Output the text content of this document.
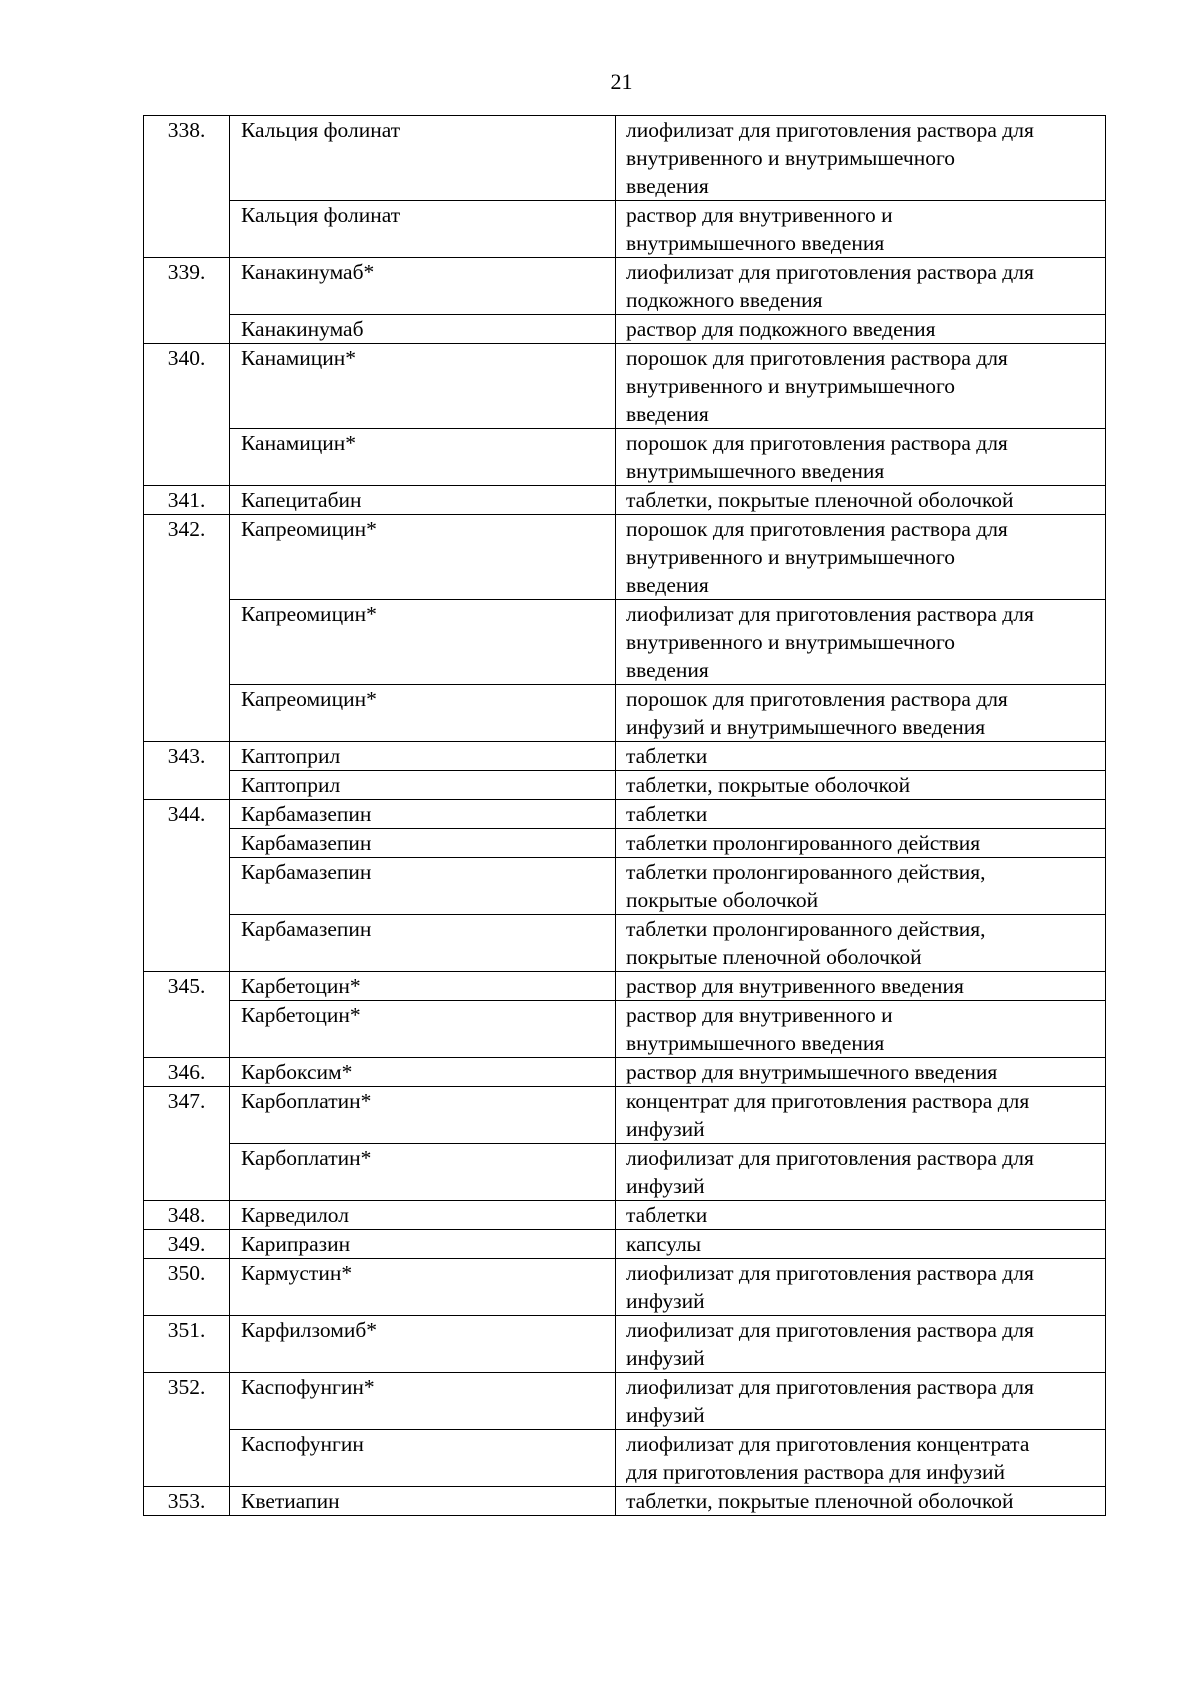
21
338.	Кальция фолинат	лиофилизат для приготовления раствора для
внутривенного и внутримышечного
введения

	Кальция фолинат	раствор для внутривенного и
внутримышечного введения

339.	Канакинумаб*	лиофилизат для приготовления раствора для
подкожного введения

	Канакинумаб	раствор для подкожного введения

340.	Канамицин*	порошок для приготовления раствора для
внутривенного и внутримышечного
введения

	Канамицин*	порошок для приготовления раствора для
внутримышечного введения

341.	Капецитабин	таблетки, покрытые пленочной оболочкой

342.	Капреомицин*	порошок для приготовления раствора для
внутривенного и внутримышечного
введения

	Капреомицин*	лиофилизат для приготовления раствора для
внутривенного и внутримышечного
введения

	Капреомицин*	порошок для приготовления раствора для
инфузий и внутримышечного введения

343.	Каптоприл	таблетки

	Каптоприл	таблетки, покрытые оболочкой

344.	Карбамазепин	таблетки

	Карбамазепин	таблетки пролонгированного действия

	Карбамазепин	таблетки пролонгированного действия,
покрытые оболочкой

	Карбамазепин	таблетки пролонгированного действия,
покрытые пленочной оболочкой

345.	Карбетоцин*	раствор для внутривенного введения

	Карбетоцин*	раствор для внутривенного и
внутримышечного введения

346.	Карбоксим*	раствор для внутримышечного введения

347.	Карбоплатин*	концентрат для приготовления раствора для
инфузий

	Карбоплатин*	лиофилизат для приготовления раствора для
инфузий

348.	Карведилол	таблетки

349.	Карипразин	капсулы

350.	Кармустин*	лиофилизат для приготовления раствора для
инфузий

351.	Карфилзомиб*	лиофилизат для приготовления раствора для
инфузий

352.	Каспофунгин*	лиофилизат для приготовления раствора для
инфузий

	Каспофунгин	лиофилизат для приготовления концентрата
для приготовления раствора для инфузий

353.	Кветиапин	таблетки, покрытые пленочной оболочкой
